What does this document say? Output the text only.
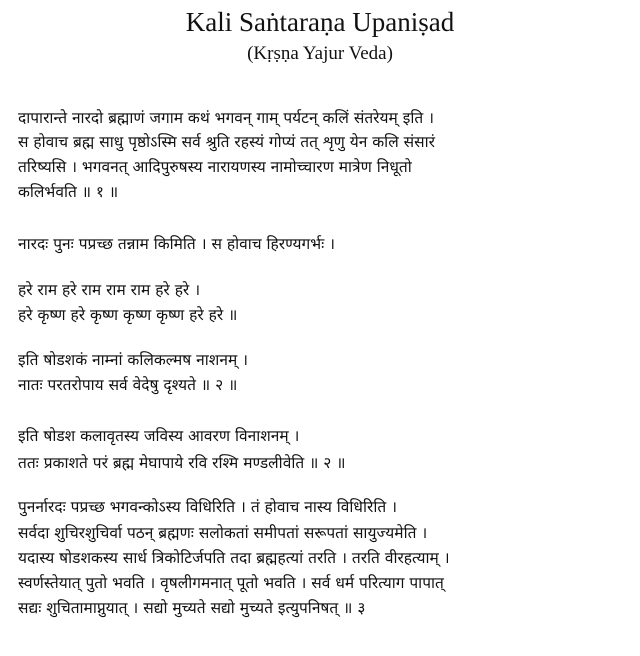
Kali Saṅtaraṇa Upaniṣad
(Kṛṣṇa Yajur Veda)
दापारान्ते नारदो ब्रह्माणं जगाम कथं भगवन् गाम् पर्यटन् कलिं संतरेयम् इति ।
स होवाच ब्रह्म साधु पृष्ठोऽस्मि सर्व श्रुति रहस्यं गोप्यं तत् शृणु येन कलि संसारं
तरिष्यसि । भगवनत् आदिपुरुषस्य नारायणस्य नामोच्चारण मात्रेण निधूतो
कलिर्भवति ॥ १ ॥
नारदः पुनः पप्रच्छ तन्नाम किमिति । स होवाच हिरण्यगर्भः ।
हरे राम हरे राम राम राम हरे हरे ।
हरे कृष्ण हरे कृष्ण कृष्ण कृष्ण हरे हरे ॥
इति षोडशकं नाम्नां कलिकल्मष नाशनम् ।
नातः परतरोपाय सर्व वेदेषु दृश्यते ॥ २ ॥
इति षोडश कलावृतस्य जविस्य आवरण विनाशनम् ।
ततः प्रकाशते परं ब्रह्म मेघापाये रवि रश्मि मण्डलीवेति ॥ २ ॥
पुनर्नारदः पप्रच्छ भगवन्कोऽस्य विधिरिति । तं होवाच नास्य विधिरिति ।
सर्वदा शुचिरशुचिर्वा पठन् ब्रह्मणः सलोकतां समीपतां सरूपतां सायुज्यमेति ।
यदास्य षोडशकस्य सार्ध त्रिकोटिर्जपति तदा ब्रह्महत्यां तरति । तरति वीरहत्याम् ।
स्वर्णस्तेयात् पुतो भवति । वृषलीगमनात् पूतो भवति । सर्व धर्म परित्याग पापात्
सद्यः शुचितामाप्नुयात् । सद्यो मुच्यते सद्यो मुच्यते इत्युपनिषत् ॥ ३
